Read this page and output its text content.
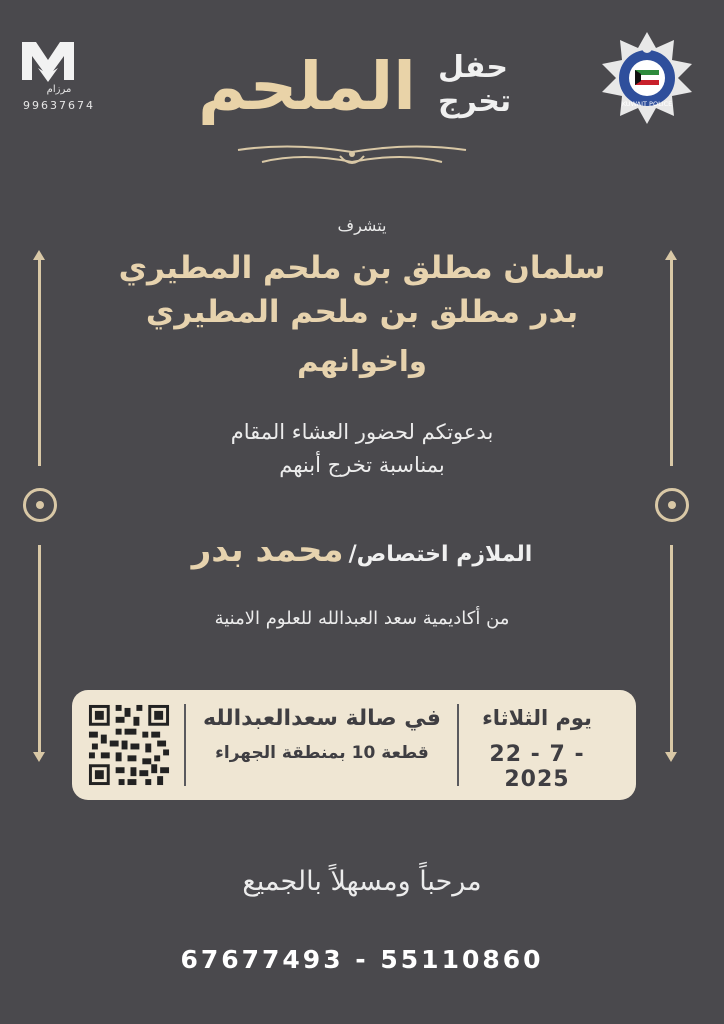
مرزام
99637674	KUWAIT POLICE
حفل
تخرج
الملحم
يتشرف
سلمان مطلق بن ملحم المطيري
بدر مطلق بن ملحم المطيري
واخوانهم
بدعوتكم لحضور العشاء المقام
بمناسبة تخرج أبنهم
الملازم اختصاص/ محمد بدر
من أكاديمية سعد العبدالله للعلوم الامنية
يوم الثلاثاء
22 - 7 - 2025
في صالة سعدالعبدالله
قطعة 10 بمنطقة الجهراء
مرحباً ومسهلاً بالجميع
67677493 - 55110860
